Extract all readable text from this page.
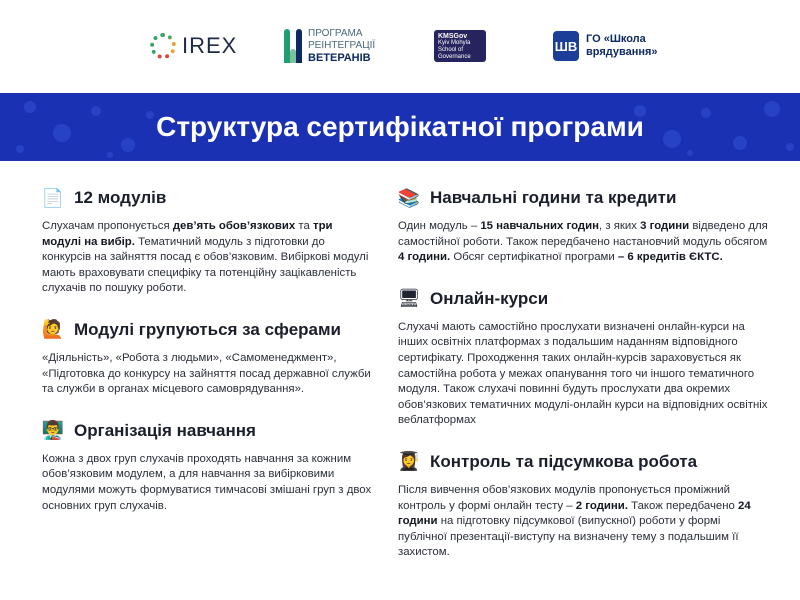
IREX	ПРОГРАМА
РЕІНТЕГРАЦІЇ
ВЕТЕРАНІВ
KMSGov
Kyiv Mohyla School of Governance
ШВ ГО «Школа
врядування»
Структура сертифікатної програми
📄 12 модулів
Слухачам пропонується дев’ять обов’язкових та три модулі на вибір. Тематичний модуль з підготовки до конкурсів на зайняття посад є обов’язковим. Вибіркові модулі мають враховувати специфіку та потенційну зацікавленість слухачів по пошуку роботи.
🙋 Модулі групуються за сферами
«Діяльність», «Робота з людьми», «Самоменеджмент», «Підготовка до конкурсу на зайняття посад державної служби та служби в органах місцевого самоврядування».
👨‍🏫 Організація навчання
Кожна з двох груп слухачів проходять навчання за кожним обов’язковим модулем, а для навчання за вибірковими модулями можуть формуватися тимчасові змішані груп з двох основних груп слухачів.
📚 Навчальні години та кредити
Один модуль – 15 навчальних годин, з яких 3 години відведено для самостійної роботи. Також передбачено настановчий модуль обсягом 4 години. Обсяг сертифікатної програми – 6 кредитів ЄКТС.
🖥 Онлайн-курси
Слухачі мають самостійно прослухати визначені онлайн-курси на інших освітніх платформах з подальшим наданням відповідного сертифікату. Проходження таких онлайн-курсів зараховується як самостійна робота у межах опанування того чи іншого тематичного модуля. Також слухачі повинні будуть прослухати два окремих обов’язкових тематичних модулі-онлайн курси на відповідних освітніх веблатформах
👩‍🎓 Контроль та підсумкова робота
Після вивчення обов’язкових модулів пропонується проміжний контроль у формі онлайн тесту – 2 години. Також передбачено 24 години на підготовку підсумкової (випускної) роботи у формі публічної презентації-виступу на визначену тему з подальшим її захистом.
